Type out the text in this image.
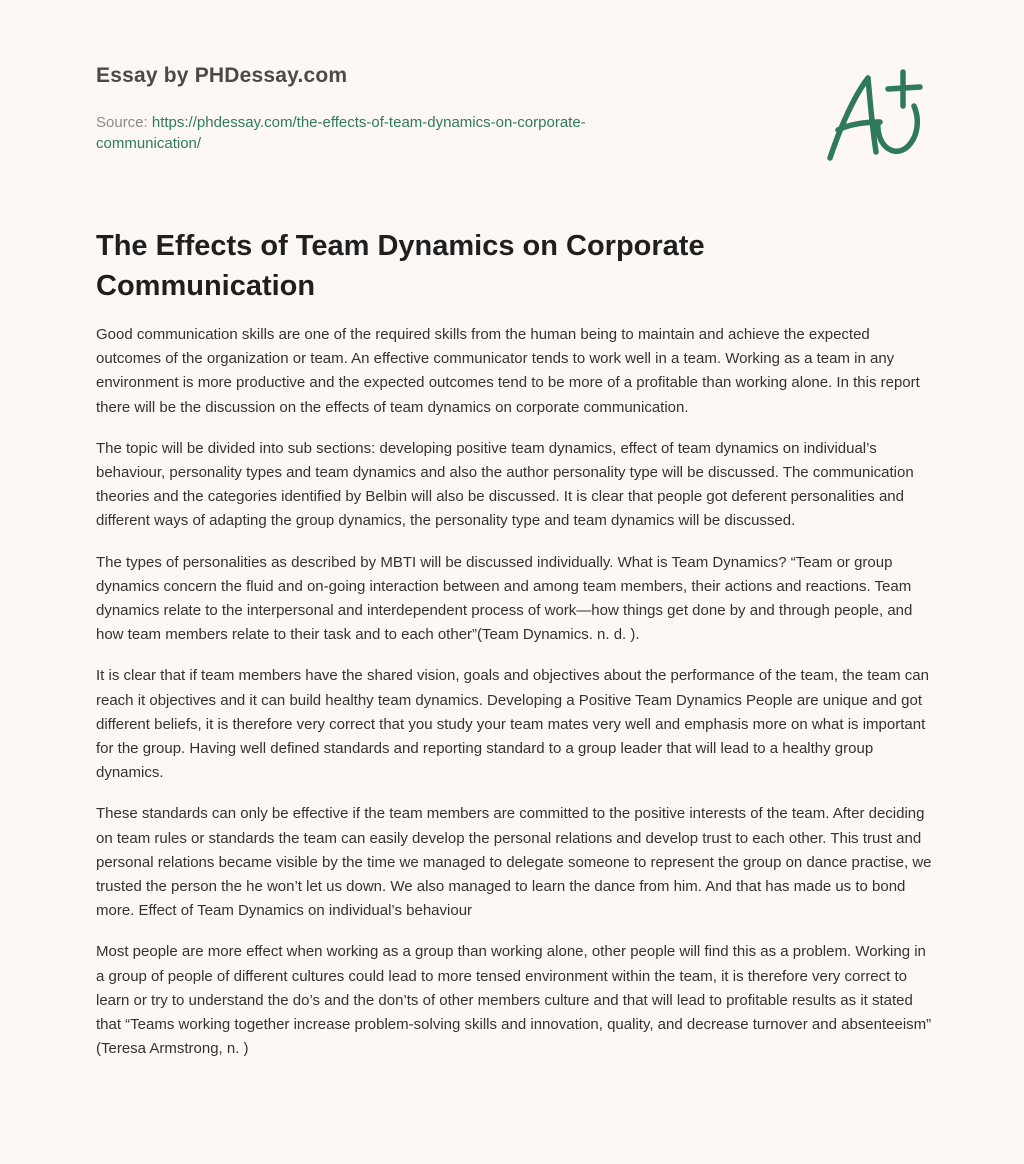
Essay by PHDessay.com

Source: https://phdessay.com/the-effects-of-team-dynamics-on-corporate-communication/

The Effects of Team Dynamics on Corporate Communication

Good communication skills are one of the required skills from the human being to maintain and achieve the expected outcomes of the organization or team. An effective communicator tends to work well in a team. Working as a team in any environment is more productive and the expected outcomes tend to be more of a profitable than working alone. In this report there will be the discussion on the effects of team dynamics on corporate communication.

The topic will be divided into sub sections: developing positive team dynamics, effect of team dynamics on individual’s behaviour, personality types and team dynamics and also the author personality type will be discussed. The communication theories and the categories identified by Belbin will also be discussed. It is clear that people got deferent personalities and different ways of adapting the group dynamics, the personality type and team dynamics will be discussed.

The types of personalities as described by MBTI will be discussed individually. What is Team Dynamics? “Team or group dynamics concern the fluid and on-going interaction between and among team members, their actions and reactions. Team dynamics relate to the interpersonal and interdependent process of work—how things get done by and through people, and how team members relate to their task and to each other”(Team Dynamics. n. d. ).

It is clear that if team members have the shared vision, goals and objectives about the performance of the team, the team can reach it objectives and it can build healthy team dynamics. Developing a Positive Team Dynamics People are unique and got different beliefs, it is therefore very correct that you study your team mates very well and emphasis more on what is important for the group. Having well defined standards and reporting standard to a group leader that will lead to a healthy group dynamics.

These standards can only be effective if the team members are committed to the positive interests of the team. After deciding on team rules or standards the team can easily develop the personal relations and develop trust to each other. This trust and personal relations became visible by the time we managed to delegate someone to represent the group on dance practise, we trusted the person the he won’t let us down. We also managed to learn the dance from him. And that has made us to bond more. Effect of Team Dynamics on individual’s behaviour

Most people are more effect when working as a group than working alone, other people will find this as a problem. Working in a group of people of different cultures could lead to more tensed environment within the team, it is therefore very correct to learn or try to understand the do’s and the don’ts of other members culture and that will lead to profitable results as it stated that “Teams working together increase problem-solving skills and innovation, quality, and decrease turnover and absenteeism” (Teresa Armstrong, n. )
